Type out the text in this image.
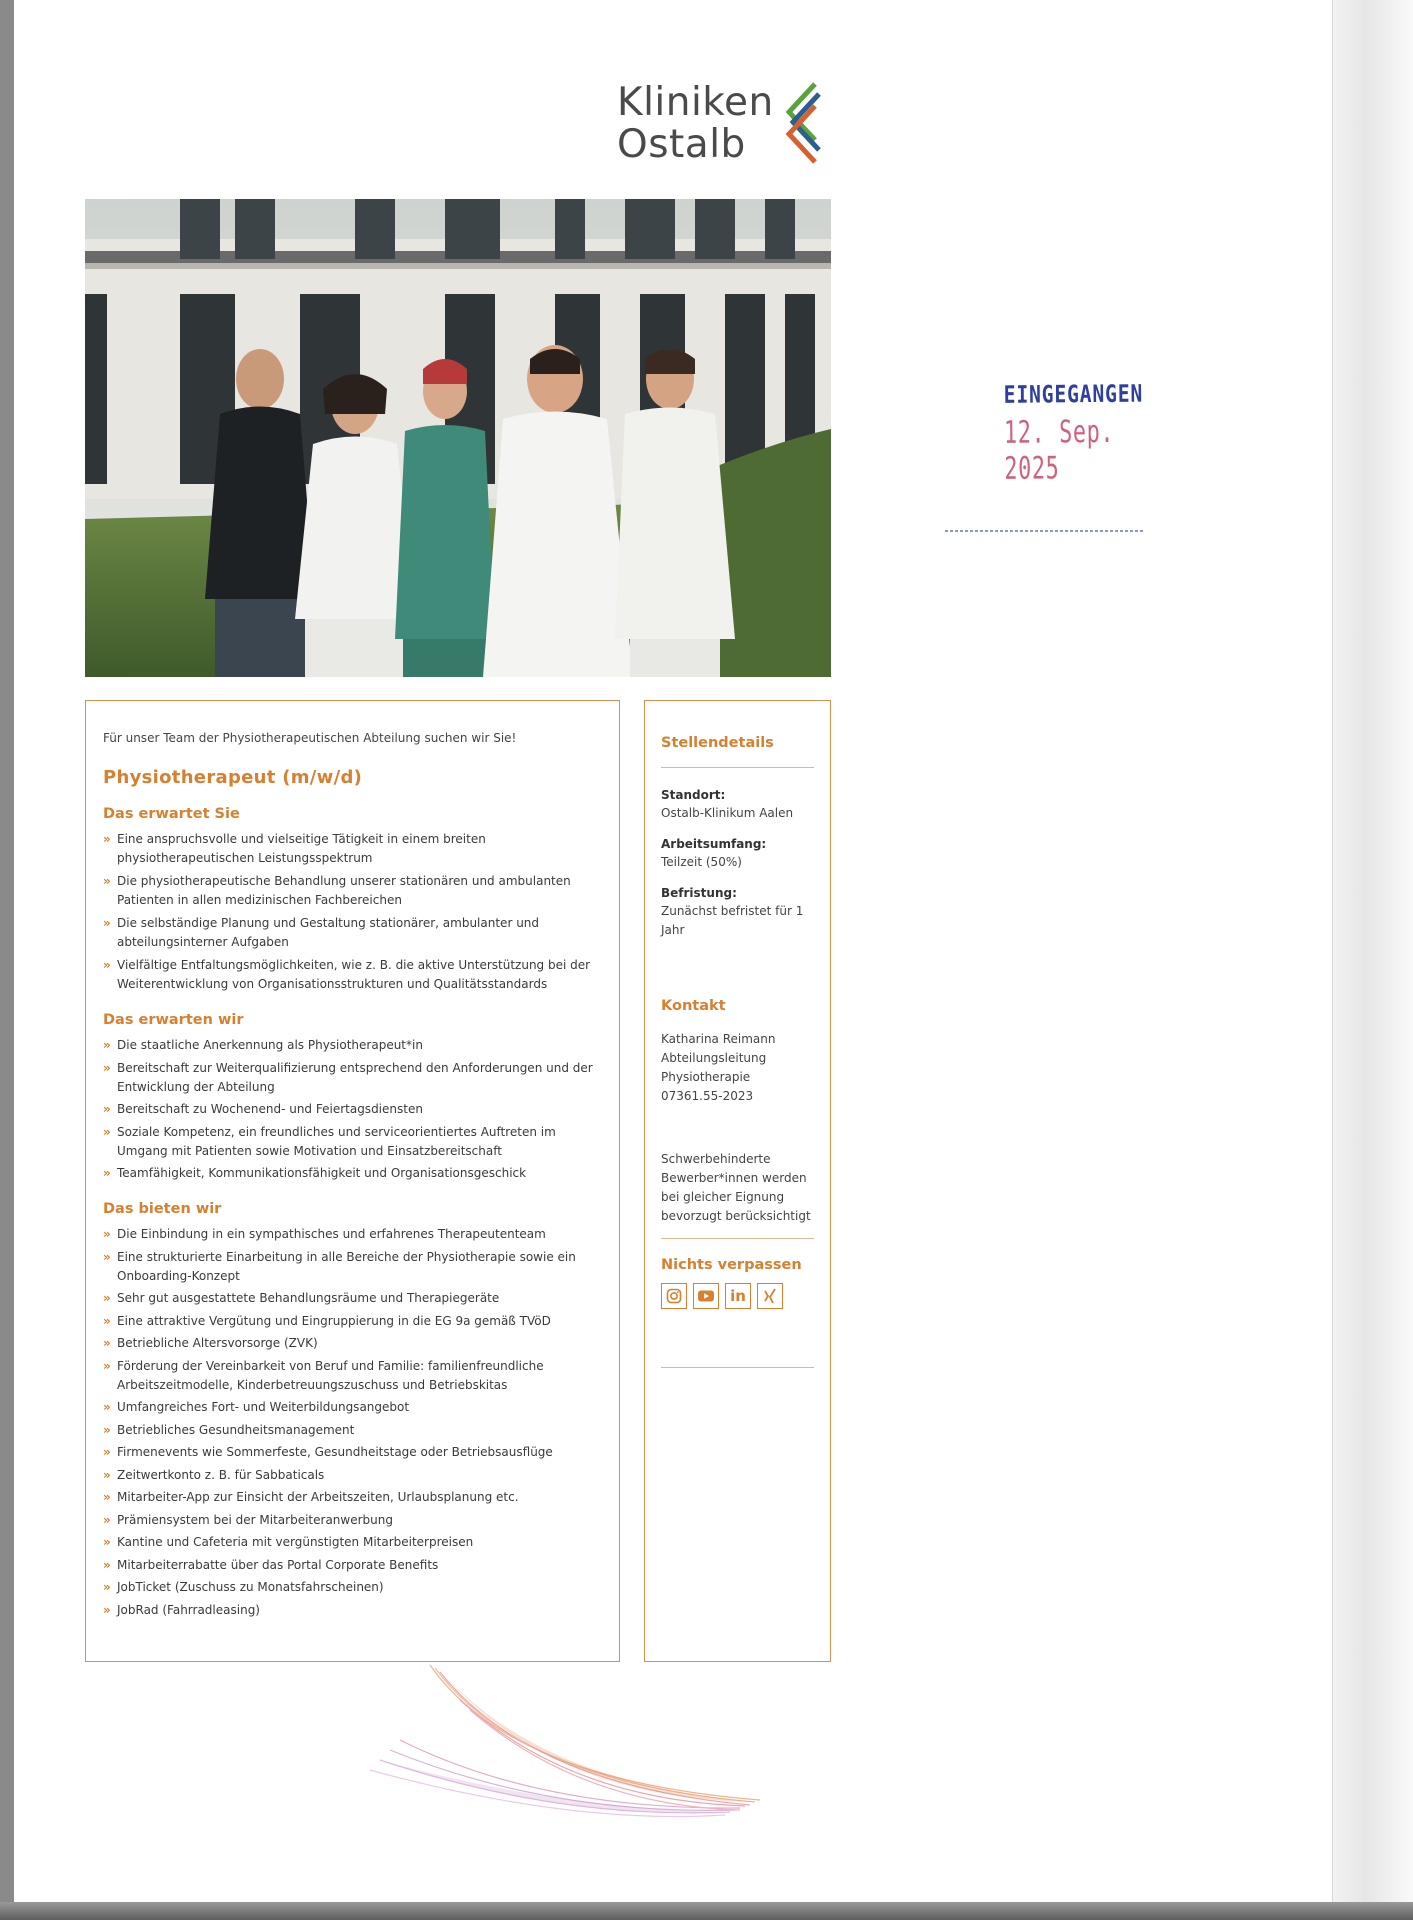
Kliniken
Ostalb

Für unser Team der Physiotherapeutischen Abteilung suchen wir Sie!

Physiotherapeut (m/w/d)
Das erwartet Sie
» Eine anspruchsvolle und vielseitige Tätigkeit in einem breiten physiotherapeutischen Leistungsspektrum
» Die physiotherapeutische Behandlung unserer stationären und ambulanten Patienten in allen medizinischen Fachbereichen
» Die selbständige Planung und Gestaltung stationärer, ambulanter und abteilungsinterner Aufgaben
» Vielfältige Entfaltungsmöglichkeiten, wie z. B. die aktive Unterstützung bei der Weiterentwicklung von Organisationsstrukturen und Qualitätsstandards
Das erwarten wir
» Die staatliche Anerkennung als Physiotherapeut*in
» Bereitschaft zur Weiterqualifizierung entsprechend den Anforderungen und der Entwicklung der Abteilung
» Bereitschaft zu Wochenend- und Feiertagsdiensten
» Soziale Kompetenz, ein freundliches und serviceorientiertes Auftreten im Umgang mit Patienten sowie Motivation und Einsatzbereitschaft
» Teamfähigkeit, Kommunikationsfähigkeit und Organisationsgeschick
Das bieten wir
» Die Einbindung in ein sympathisches und erfahrenes Therapeutenteam
» Eine strukturierte Einarbeitung in alle Bereiche der Physiotherapie sowie ein Onboarding-Konzept
» Sehr gut ausgestattete Behandlungsräume und Therapiegeräte
» Eine attraktive Vergütung und Eingruppierung in die EG 9a gemäß TVöD
» Betriebliche Altersvorsorge (ZVK)
» Förderung der Vereinbarkeit von Beruf und Familie: familienfreundliche Arbeitszeitmodelle, Kinderbetreuungszuschuss und Betriebskitas
» Umfangreiches Fort- und Weiterbildungsangebot
» Betriebliches Gesundheitsmanagement
» Firmenevents wie Sommerfeste, Gesundheitstage oder Betriebsausflüge
» Zeitwertkonto z. B. für Sabbaticals
» Mitarbeiter-App zur Einsicht der Arbeitszeiten, Urlaubsplanung etc.
» Prämiensystem bei der Mitarbeiteranwerbung
» Kantine und Cafeteria mit vergünstigten Mitarbeiterpreisen
» Mitarbeiterrabatte über das Portal Corporate Benefits
» JobTicket (Zuschuss zu Monatsfahrscheinen)
» JobRad (Fahrradleasing)
Stellendetails
Standort:
Ostalb-Klinikum Aalen
Arbeitsumfang:
Teilzeit (50%)
Befristung:
Zunächst befristet für 1 Jahr
Kontakt

Katharina Reimann

Abteilungsleitung

Physiotherapie

07361.55-2023

Schwerbehinderte Bewerber*innen werden bei gleicher Eignung bevorzugt berücksichtigt

Nichts verpassen
in
EINGEGANGEN
12. Sep. 2025
